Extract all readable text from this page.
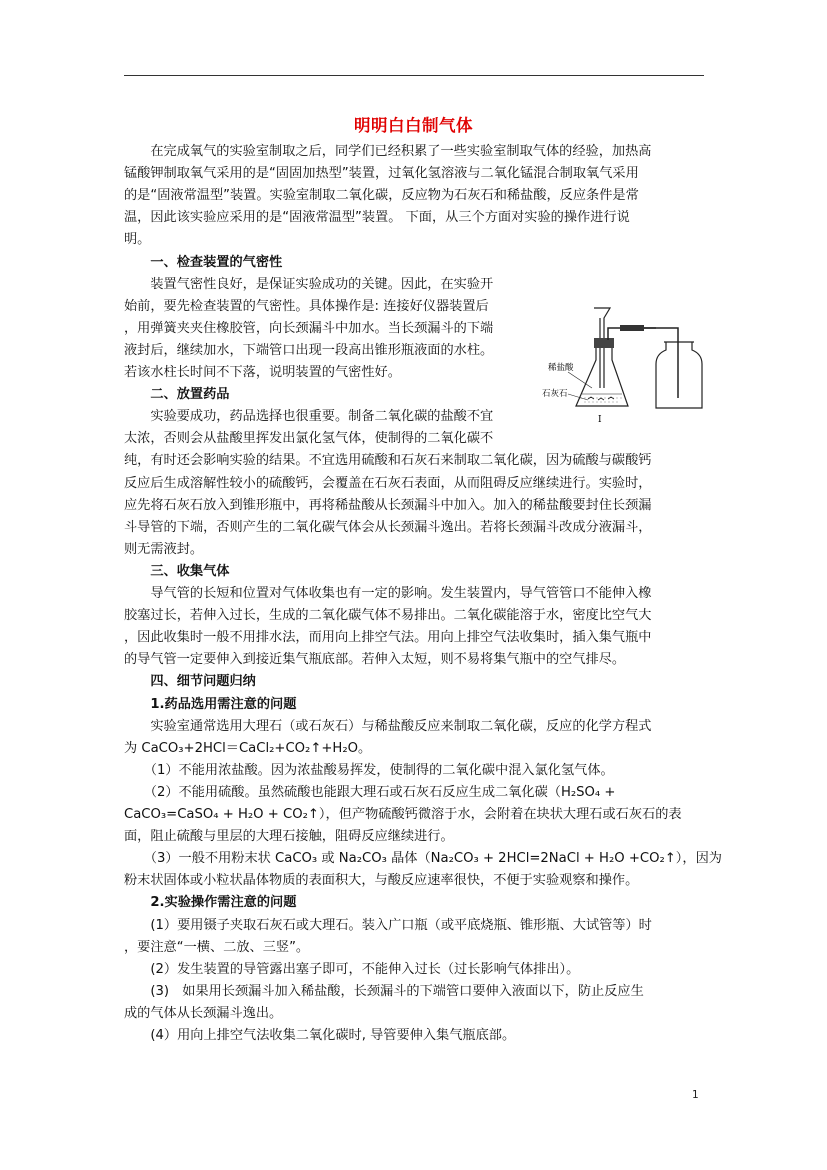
明明白白制气体
　　在完成氧气的实验室制取之后，同学们已经积累了一些实验室制取气体的经验，加热高
锰酸钾制取氧气采用的是“固固加热型”装置，过氧化氢溶液与二氧化锰混合制取氧气采用
的是“固液常温型”装置。实验室制取二氧化碳，反应物为石灰石和稀盐酸，反应条件是常
温，因此该实验应采用的是“固液常温型”装置。 下面，从三个方面对实验的操作进行说
明。
　　一、检查装置的气密性
　　装置气密性良好，是保证实验成功的关键。因此，在实验开
始前，要先检查装置的气密性。具体操作是: 连接好仪器装置后
，用弹簧夹夹住橡胶管，向长颈漏斗中加水。当长颈漏斗的下端
液封后，继续加水，下端管口出现一段高出锥形瓶液面的水柱。
若该水柱长时间不下落，说明装置的气密性好。
　　二、放置药品
　　实验要成功，药品选择也很重要。制备二氧化碳的盐酸不宜
太浓，否则会从盐酸里挥发出氯化氢气体，使制得的二氧化碳不
纯，有时还会影响实验的结果。不宜选用硫酸和石灰石来制取二氧化碳，因为硫酸与碳酸钙
反应后生成溶解性较小的硫酸钙，会覆盖在石灰石表面，从而阻碍反应继续进行。实验时，
应先将石灰石放入到锥形瓶中，再将稀盐酸从长颈漏斗中加入。加入的稀盐酸要封住长颈漏
斗导管的下端，否则产生的二氧化碳气体会从长颈漏斗逸出。若将长颈漏斗改成分液漏斗，
则无需液封。
　　三、收集气体
　　导气管的长短和位置对气体收集也有一定的影响。发生装置内，导气管管口不能伸入橡
胶塞过长，若伸入过长，生成的二氧化碳气体不易排出。二氧化碳能溶于水，密度比空气大
，因此收集时一般不用排水法，而用向上排空气法。用向上排空气法收集时，插入集气瓶中
的导气管一定要伸入到接近集气瓶底部。若伸入太短，则不易将集气瓶中的空气排尽。
　　四、细节问题归纳
　　1.药品选用需注意的问题
　　实验室通常选用大理石（或石灰石）与稀盐酸反应来制取二氧化碳，反应的化学方程式
为 CaCO₃+2HCl＝CaCl₂+CO₂↑+H₂O。
　　（1）不能用浓盐酸。因为浓盐酸易挥发，使制得的二氧化碳中混入氯化氢气体。
　　（2）不能用硫酸。虽然硫酸也能跟大理石或石灰石反应生成二氧化碳（H₂SO₄ +
CaCO₃=CaSO₄ + H₂O + CO₂↑），但产物硫酸钙微溶于水，会附着在块状大理石或石灰石的表
面，阻止硫酸与里层的大理石接触，阻碍反应继续进行。
　　（3）一般不用粉末状 CaCO₃ 或 Na₂CO₃ 晶体（Na₂CO₃ + 2HCl=2NaCl + H₂O +CO₂↑），因为
粉末状固体或小粒状晶体物质的表面积大，与酸反应速率很快，不便于实验观察和操作。
　　2.实验操作需注意的问题
　　(1）要用镊子夹取石灰石或大理石。装入广口瓶（或平底烧瓶、锥形瓶、大试管等）时
，要注意“一横、二放、三竖”。
　　(2）发生装置的导管露出塞子即可，不能伸入过长（过长影响气体排出）。
　　(3)　如果用长颈漏斗加入稀盐酸，长颈漏斗的下端管口要伸入液面以下，防止反应生
成的气体从长颈漏斗逸出。
　　(4）用向上排空气法收集二氧化碳时, 导管要伸入集气瓶底部。
稀盐酸
石灰石
I
1
